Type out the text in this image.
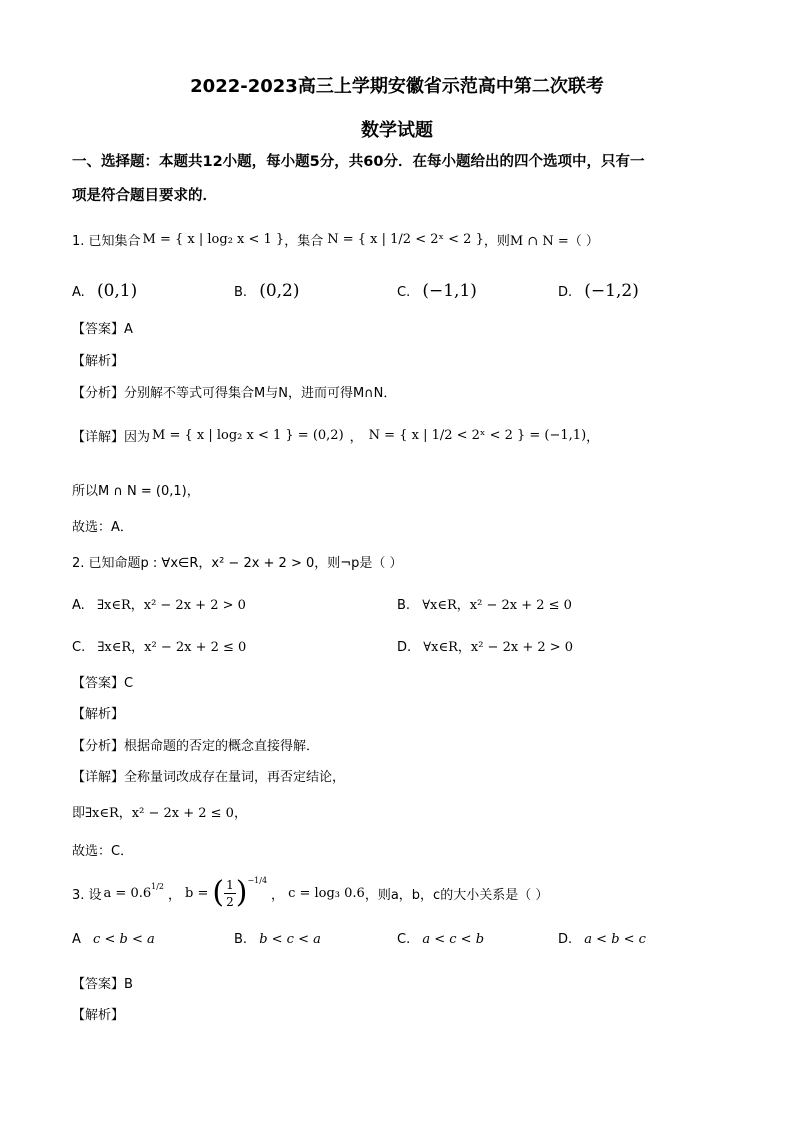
2022-2023高三上学期安徽省示范高中第二次联考
数学试题
一、选择题：本题共12小题，每小题5分，共60分．在每小题给出的四个选项中，只有一
项是符合题目要求的．
1. 已知集合 M = { x | log₂ x < 1 } ，集合 N = { x | 1/2 < 2ˣ < 2 } ，则 M ∩ N =（ ）
A. (0,1)	B. (0,2)	C. (−1,1)	D. (−1,2)
【答案】A
【解析】
【分析】分别解不等式可得集合M与N，进而可得M∩N．
【详解】因为 M = { x | log₂ x < 1 } = (0,2) ， N = { x | 1/2 < 2ˣ < 2 } = (−1,1) ，
所以M ∩ N = (0,1)，
故选：A．
2. 已知命题p : ∀x∈R，x² − 2x + 2 > 0，则¬p是（ ）
A. ∃x∈R，x² − 2x + 2 > 0	B. ∀x∈R，x² − 2x + 2 ≤ 0
C. ∃x∈R，x² − 2x + 2 ≤ 0	D. ∀x∈R，x² − 2x + 2 > 0
【答案】C
【解析】
【分析】根据命题的否定的概念直接得解．
【详解】全称量词改成存在量词，再否定结论，
即∃x∈R，x² − 2x + 2 ≤ 0，
故选：C．
3. 设 $a = 0.6^{1/2}$
， b = ( $\frac{1}{2} )^{-1/4}$
， c = log₃ 0.6 ，则a，b，c的大小关系是（ ）
A c < b < a	B. b < c < a	C. a < c < b	D. a < b < c
【答案】B
【解析】
